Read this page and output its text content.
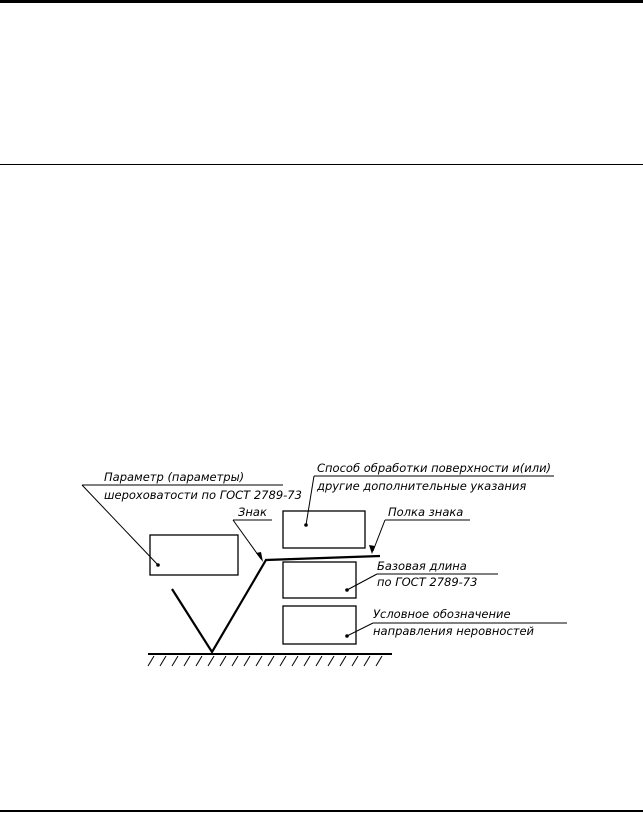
Параметр (параметры)
шероховатости по ГОСТ 2789-73
Способ обработки поверхности и(или)
другие дополнительные указания
Знак	Полка знака
Базовая длина
по ГОСТ 2789-73
Условное обозначение
направления неровностей
